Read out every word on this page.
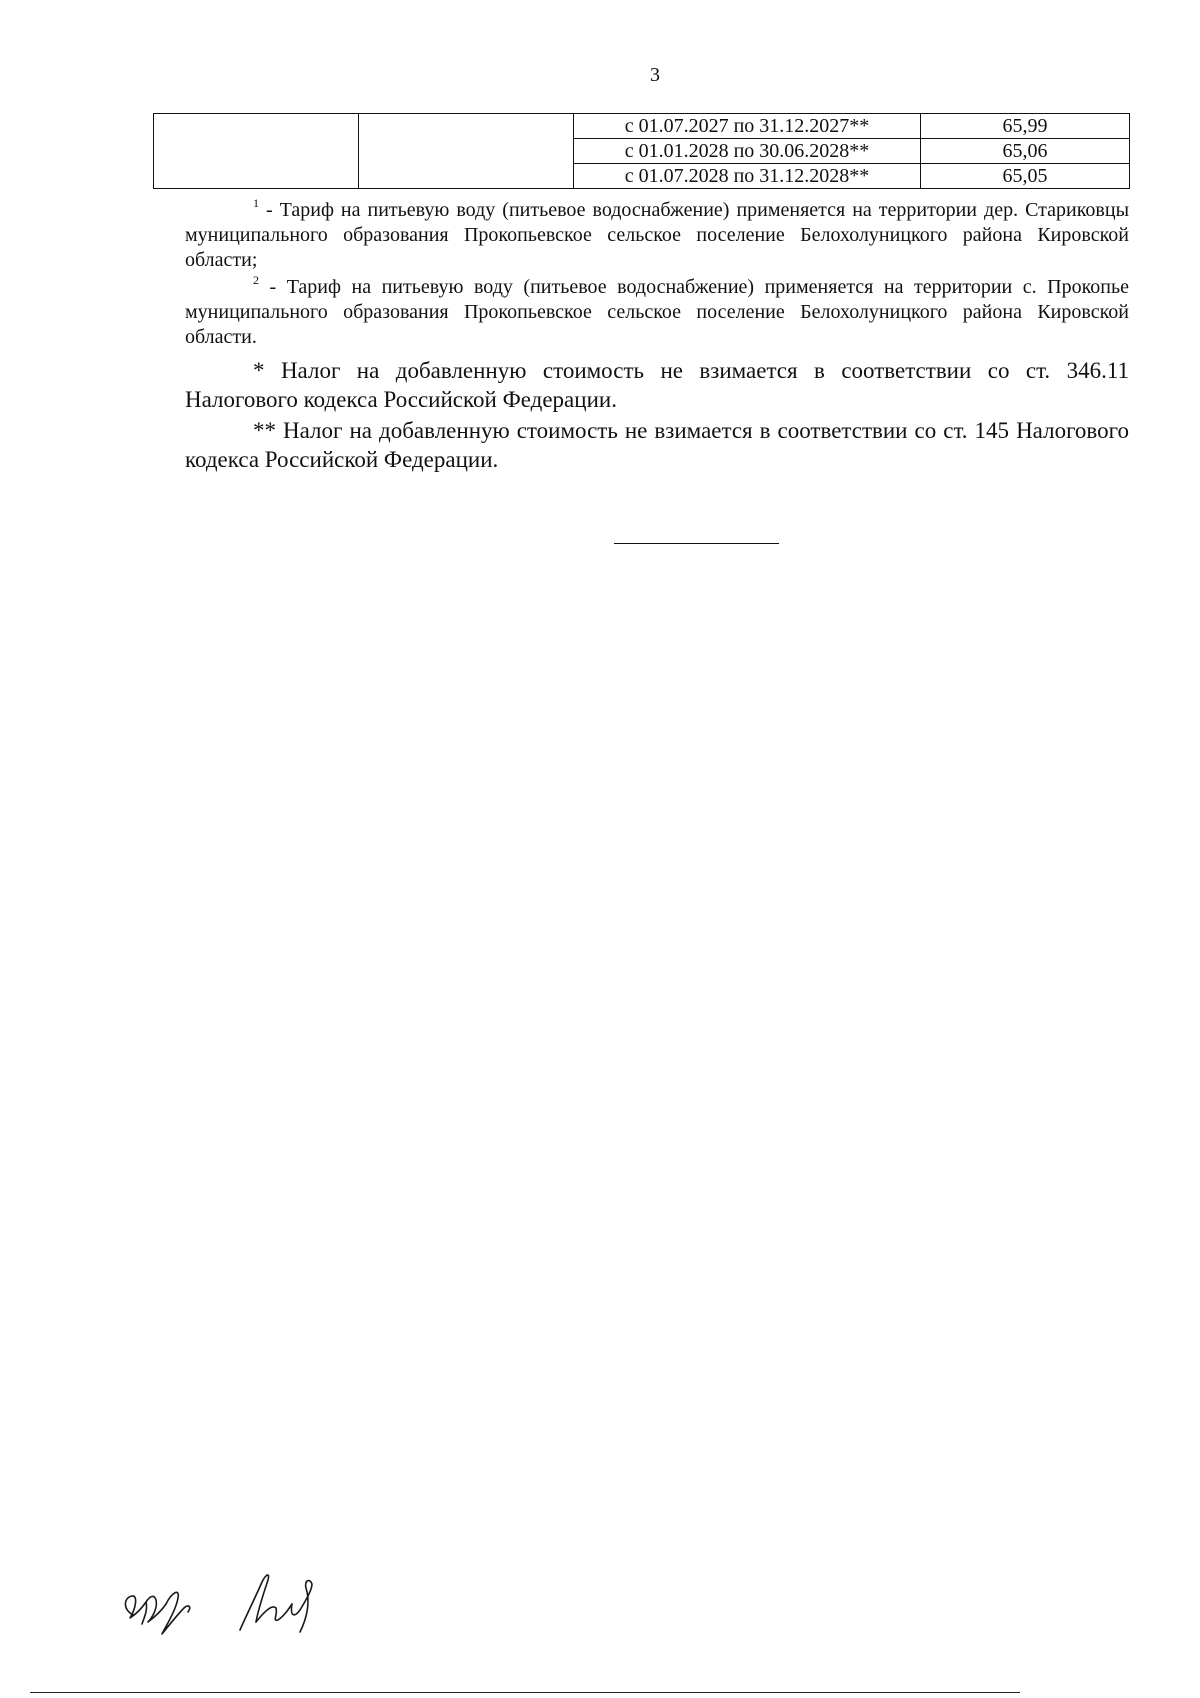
3
		с 01.07.2027 по 31.12.2027**	65,99
		с 01.01.2028 по 30.06.2028**	65,06
		с 01.07.2028 по 31.12.2028**	65,05

$^1$ - Тариф на питьевую воду (питьевое водоснабжение) применяется на территории дер. Стариковцы муниципального образования Прокопьевское сельское поселение Белохолуницкого района Кировской области;

$^2$ - Тариф на питьевую воду (питьевое водоснабжение) применяется на территории с. Прокопье муниципального образования Прокопьевское сельское поселение Белохолуницкого района Кировской области.

* Налог на добавленную стоимость не взимается в соответствии со ст. 346.11 Налогового кодекса Российской Федерации.

** Налог на добавленную стоимость не взимается в соответствии со ст. 145 Налогового кодекса Российской Федерации.
